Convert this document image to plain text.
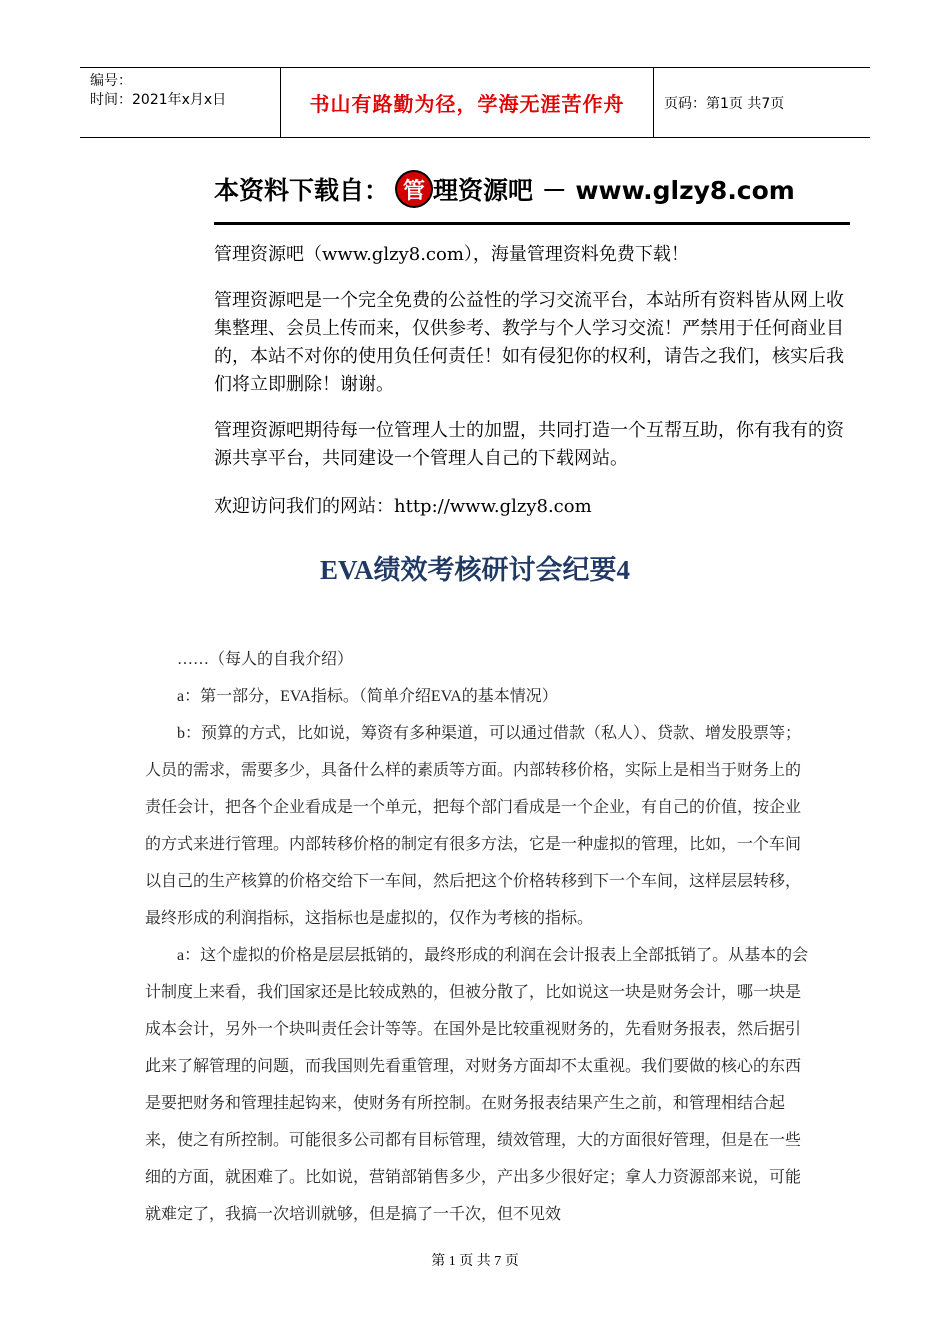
编号：
时间：2021年x月x日	书山有路勤为径，学海无涯苦作舟	页码：第1页 共7页
本资料下载自： 管 理资源吧 － www.glzy8.com

管理资源吧（www.glzy8.com），海量管理资料免费下载！

管理资源吧是一个完全免费的公益性的学习交流平台，本站所有资料皆从网上收集整理、会员上传而来，仅供参考、教学与个人学习交流！严禁用于任何商业目的，本站不对你的使用负任何责任！如有侵犯你的权利，请告之我们，核实后我们将立即删除！谢谢。

管理资源吧期待每一位管理人士的加盟，共同打造一个互帮互助，你有我有的资源共享平台，共同建设一个管理人自己的下载网站。

欢迎访问我们的网站：http://www.glzy8.com

EVA绩效考核研讨会纪要4

……（每人的自我介绍）

a：第一部分，EVA指标。（简单介绍EVA的基本情况）

b：预算的方式，比如说，筹资有多种渠道，可以通过借款（私人）、贷款、增发股票等；人员的需求，需要多少，具备什么样的素质等方面。内部转移价格，实际上是相当于财务上的责任会计，把各个企业看成是一个单元，把每个部门看成是一个企业，有自己的价值，按企业的方式来进行管理。内部转移价格的制定有很多方法，它是一种虚拟的管理，比如，一个车间以自己的生产核算的价格交给下一车间，然后把这个价格转移到下一个车间，这样层层转移，最终形成的利润指标，这指标也是虚拟的，仅作为考核的指标。

a：这个虚拟的价格是层层抵销的，最终形成的利润在会计报表上全部抵销了。从基本的会计制度上来看，我们国家还是比较成熟的，但被分散了，比如说这一块是财务会计，哪一块是成本会计，另外一个块叫责任会计等等。在国外是比较重视财务的，先看财务报表，然后据引此来了解管理的问题，而我国则先看重管理，对财务方面却不太重视。我们要做的核心的东西是要把财务和管理挂起钩来，使财务有所控制。在财务报表结果产生之前，和管理相结合起来，使之有所控制。可能很多公司都有目标管理，绩效管理，大的方面很好管理，但是在一些细的方面，就困难了。比如说，营销部销售多少，产出多少很好定；拿人力资源部来说，可能就难定了，我搞一次培训就够，但是搞了一千次，但不见效

第 1 页 共 7 页
